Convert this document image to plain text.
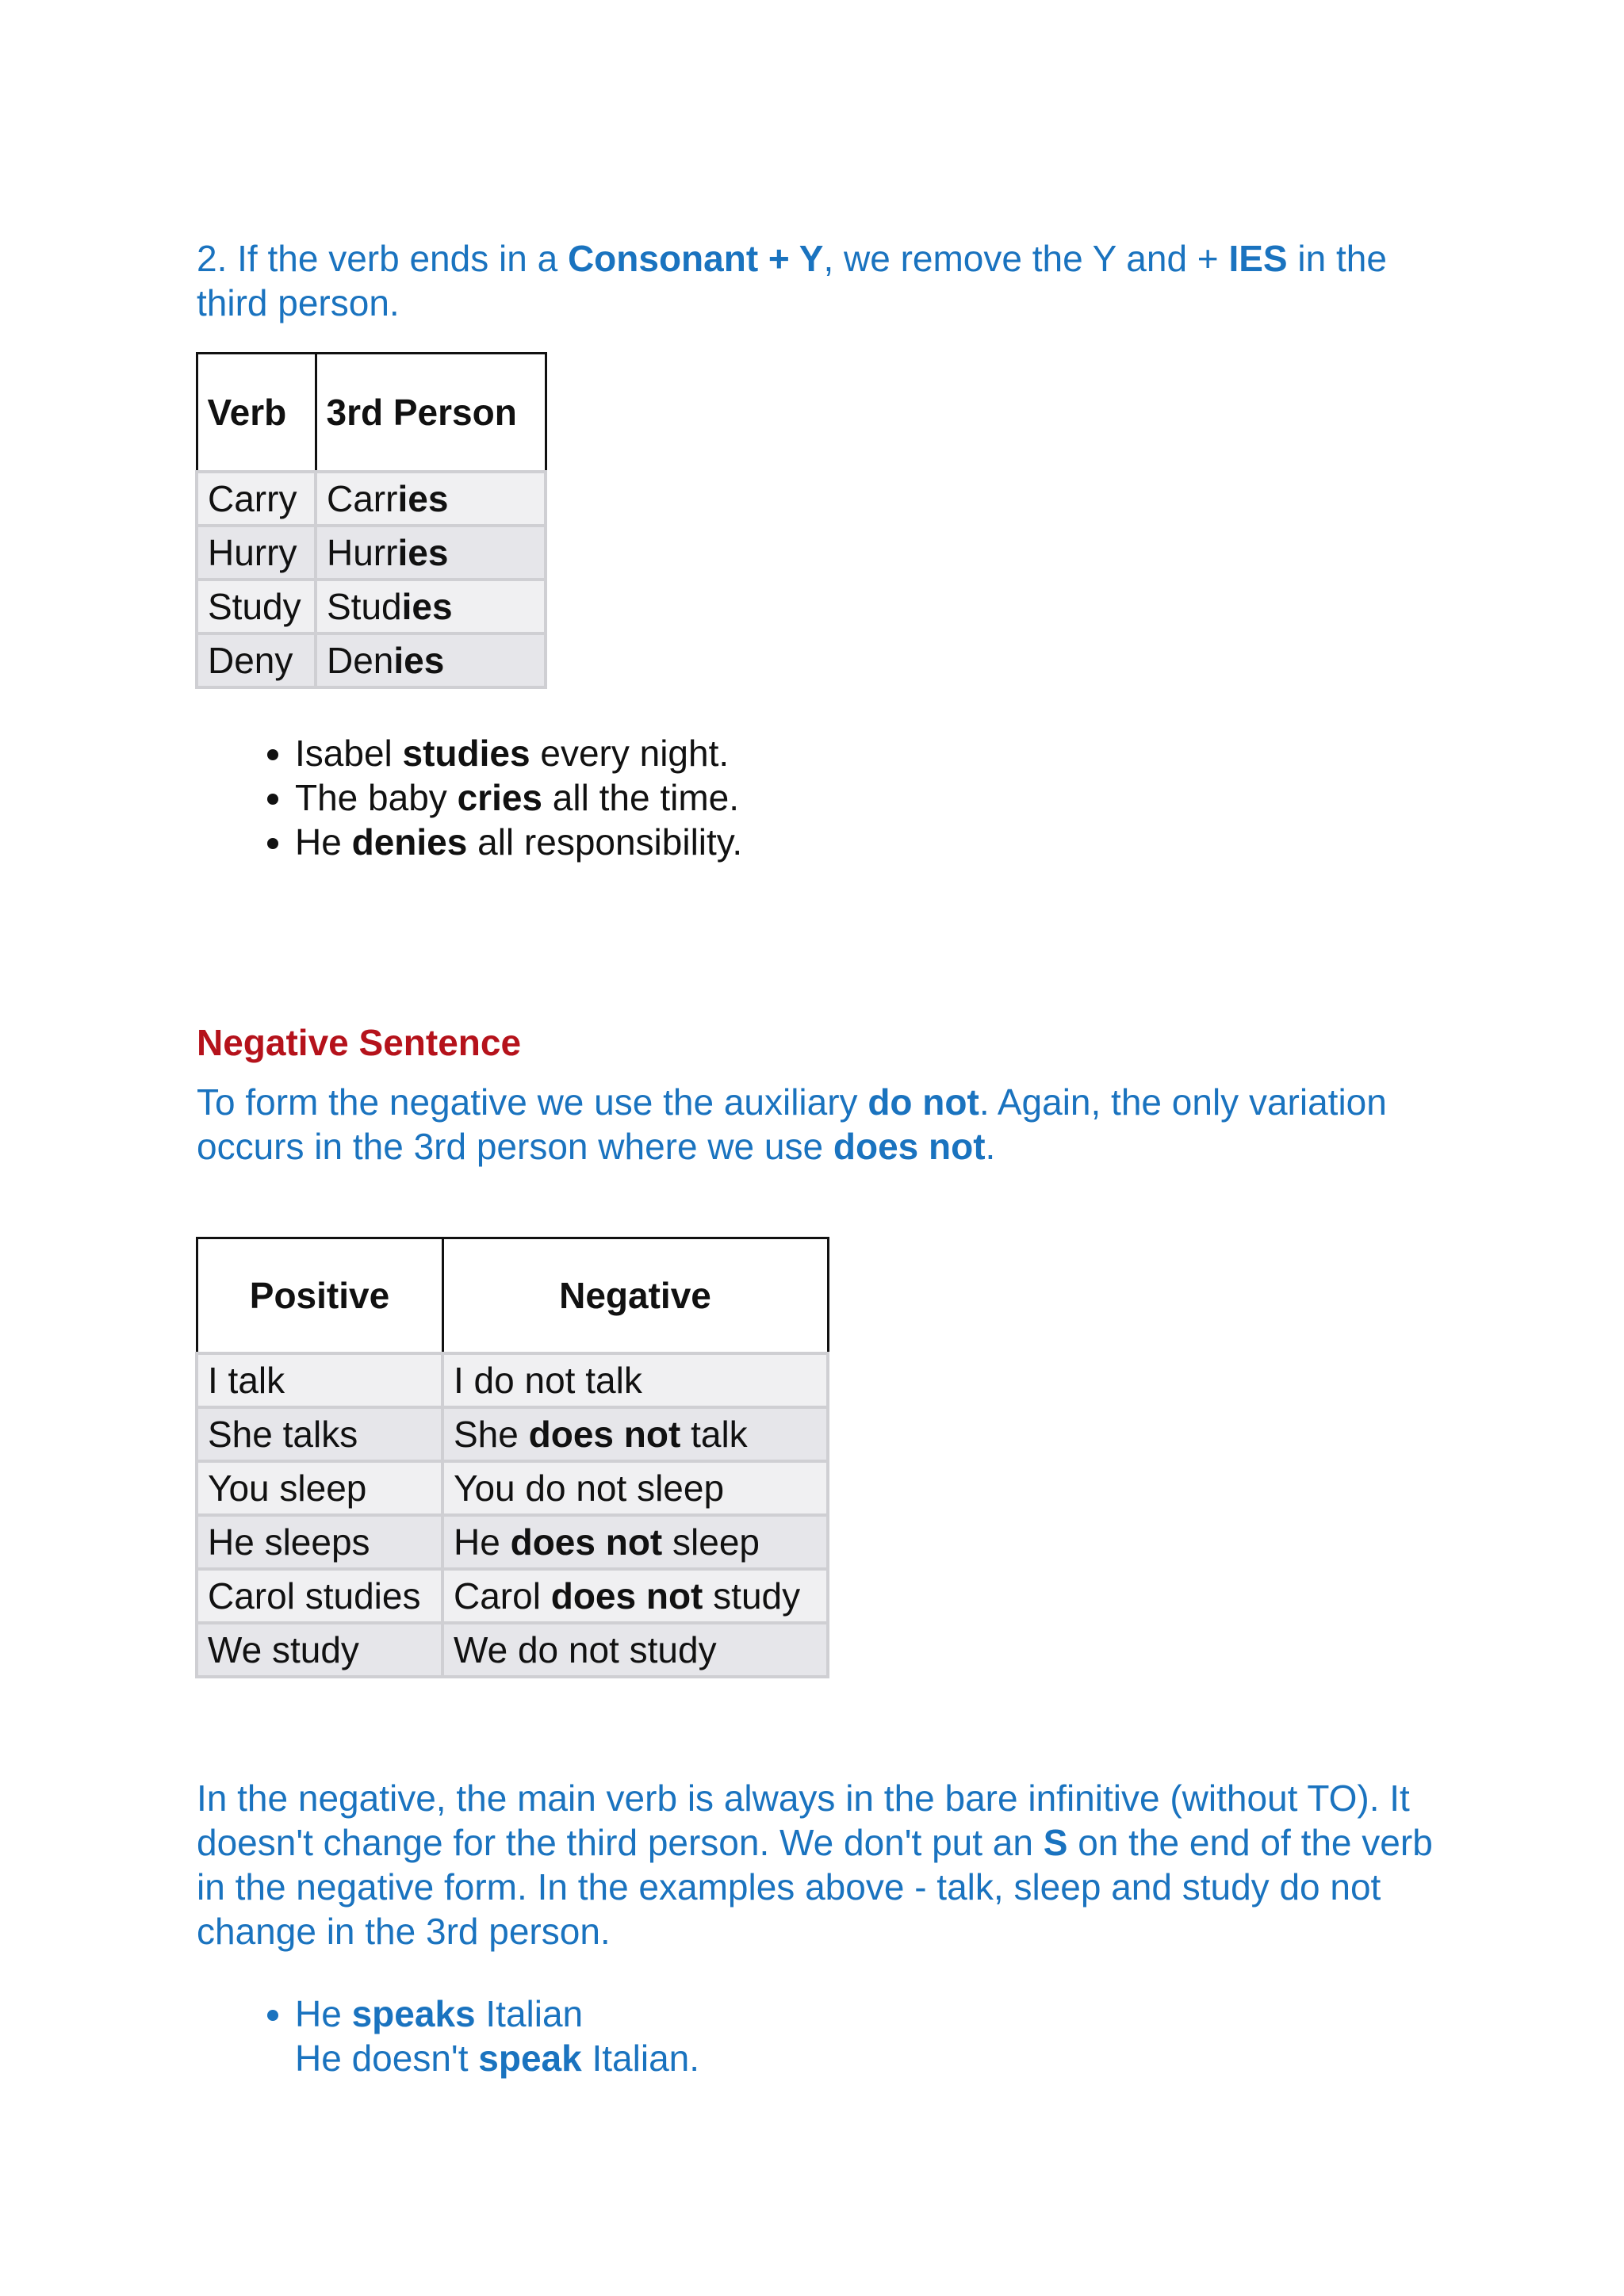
2. If the verb ends in a Consonant + Y, we remove the Y and + IES in the third person.

Verb	3rd Person
Carry	Carries
Hurry	Hurries
Study	Studies
Deny	Denies
• Isabel studies every night.
• The baby cries all the time.
• He denies all responsibility.
Negative Sentence

To form the negative we use the auxiliary do not. Again, the only variation occurs in the 3rd person where we use does not.

Positive	Negative
I talk	I do not talk
She talks	She does not talk
You sleep	You do not sleep
He sleeps	He does not sleep
Carol studies	Carol does not study
We study	We do not study

In the negative, the main verb is always in the bare infinitive (without TO). It doesn't change for the third person. We don't put an S on the end of the verb in the negative form. In the examples above - talk, sleep and study do not change in the 3rd person.

• He speaks Italian
He doesn't speak Italian.
